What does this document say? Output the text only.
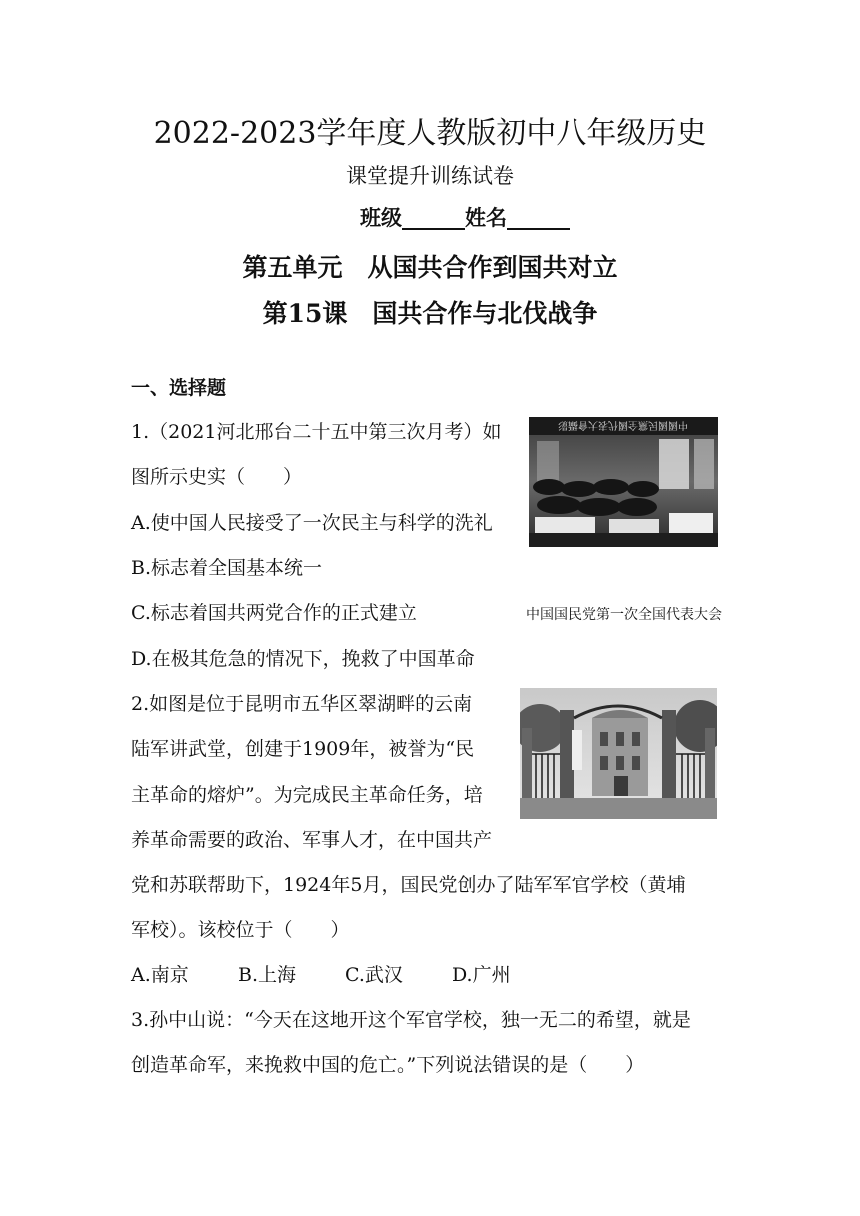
2022-2023学年度人教版初中八年级历史
课堂提升训练试卷
班级______姓名______
第五单元　从国共合作到国共对立
第15课　国共合作与北伐战争
一、选择题
1.（2021河北邢台二十五中第三次月考）如
图所示史实（　　）
A.使中国人民接受了一次民主与科学的洗礼
B.标志着全国基本统一
C.标志着国共两党合作的正式建立
D.在极其危急的情况下，挽救了中国革命
中國國民黨全國代表大會攝影
中国国民党第一次全国代表大会
2.如图是位于昆明市五华区翠湖畔的云南
陆军讲武堂，创建于1909年，被誉为“民
主革命的熔炉”。为完成民主革命任务，培
养革命需要的政治、军事人才，在中国共产
党和苏联帮助下，1924年5月，国民党创办了陆军军官学校（黄埔
军校）。该校位于（　　）
A.南京	B.上海	C.武汉	D.广州
3.孙中山说：“今天在这地开这个军官学校，独一无二的希望，就是
创造革命军，来挽救中国的危亡。”下列说法错误的是（　　）
